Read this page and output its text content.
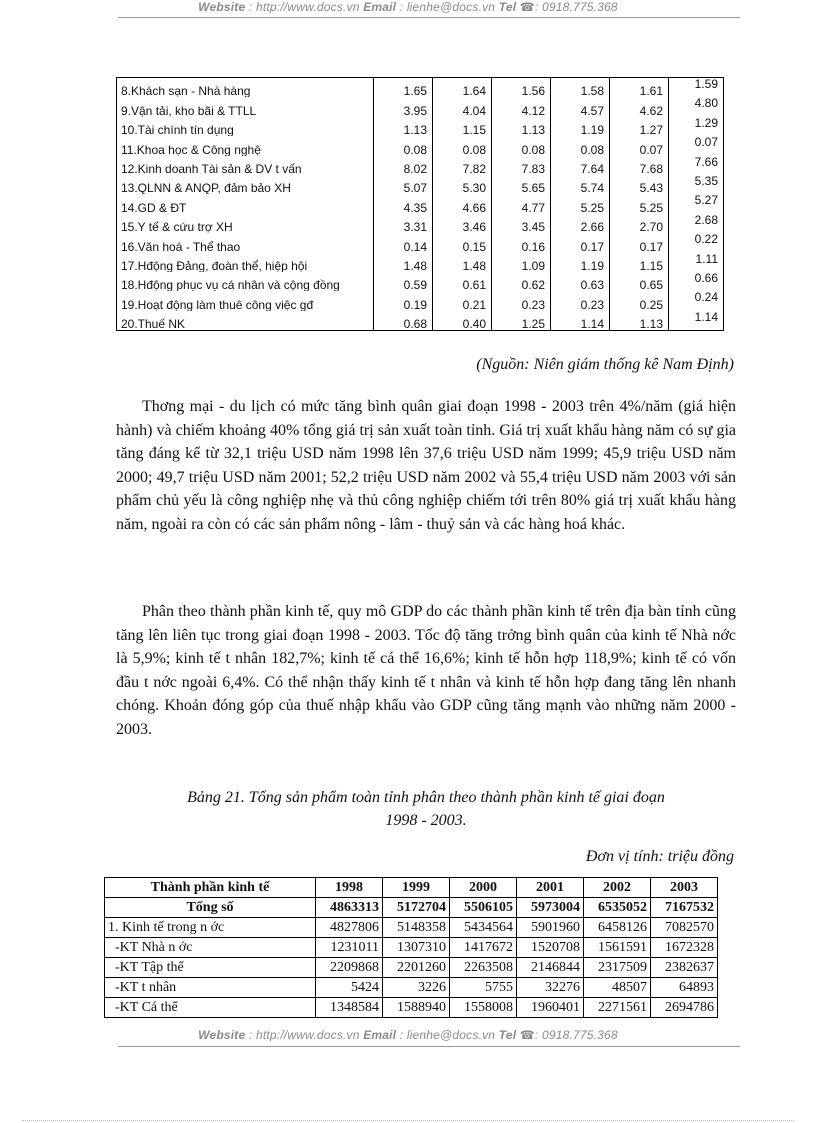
Website : http://www.docs.vn Email : lienhe@docs.vn Tel ☎: 0918.775.368
8.Khách sạn - Nhà hàng	1.65	1.64	1.56	1.58	1.61	1.59
9.Vận tải, kho bãi & TTLL	3.95	4.04	4.12	4.57	4.62	4.80
10.Tài chính tín dụng	1.13	1.15	1.13	1.19	1.27	1.29
11.Khoa học & Công nghệ	0.08	0.08	0.08	0.08	0.07	0.07
12.Kinh doanh Tài sản & DV t vấn	8.02	7.82	7.83	7.64	7.68	7.66
13.QLNN & ANQP, đảm bảo XH	5.07	5.30	5.65	5.74	5.43	5.35
14.GD & ĐT	4.35	4.66	4.77	5.25	5.25	5.27
15.Y tế & cứu trợ XH	3.31	3.46	3.45	2.66	2.70	2.68
16.Văn hoá - Thể thao	0.14	0.15	0.16	0.17	0.17	0.22
17.Hđộng Đảng, đoàn thể, hiệp hội	1.48	1.48	1.09	1.19	1.15	1.11
18.Hđộng phục vụ cá nhân và cộng đồng	0.59	0.61	0.62	0.63	0.65	0.66
19.Hoạt động làm thuê công việc gđ	0.19	0.21	0.23	0.23	0.25	0.24
20.Thuế NK	0.68	0.40	1.25	1.14	1.13	1.14
(Nguồn: Niên giám thống kê Nam Định)

Thơng mại - du lịch có mức tăng bình quân giai đoạn 1998 - 2003 trên 4%/năm (giá hiện hành) và chiếm khoảng 40% tổng giá trị sản xuất toàn tỉnh. Giá trị xuất khẩu hàng năm có sự gia tăng đáng kể từ 32,1 triệu USD năm 1998 lên 37,6 triệu USD năm 1999; 45,9 triệu USD năm 2000; 49,7 triệu USD năm 2001; 52,2 triệu USD năm 2002 và 55,4 triệu USD năm 2003 với sản phẩm chủ yếu là công nghiệp nhẹ và thủ công nghiệp chiếm tới trên 80% giá trị xuất khẩu hàng năm, ngoài ra còn có các sản phẩm nông - lâm - thuỷ sản và các hàng hoá khác.

Phân theo thành phần kinh tế, quy mô GDP do các thành phần kinh tế trên địa bàn tỉnh cũng tăng lên liên tục trong giai đoạn 1998 - 2003. Tốc độ tăng trởng bình quân của kinh tế Nhà nớc là 5,9%; kinh tế t nhân 182,7%; kinh tế cá thể 16,6%; kinh tế hỗn hợp 118,9%; kinh tế có vốn đầu t nớc ngoài 6,4%. Có thể nhận thấy kinh tế t nhân và kinh tế hỗn hợp đang tăng lên nhanh chóng. Khoản đóng góp của thuế nhập khẩu vào GDP cũng tăng mạnh vào những năm 2000 - 2003.

Bảng 21. Tổng sản phẩm toàn tỉnh phân theo thành phần kinh tế giai đoạn
1998 - 2003.
Đơn vị tính: triệu đồng
Thành phần kinh tế	1998	1999	2000	2001	2002	2003
Tổng số	4863313	5172704	5506105	5973004	6535052	7167532
1. Kinh tế trong n ớc	4827806	5148358	5434564	5901960	6458126	7082570
-KT Nhà n ớc	1231011	1307310	1417672	1520708	1561591	1672328
-KT Tập thể	2209868	2201260	2263508	2146844	2317509	2382637
-KT t nhân	5424	3226	5755	32276	48507	64893
-KT Cá thể	1348584	1588940	1558008	1960401	2271561	2694786
Website : http://www.docs.vn Email : lienhe@docs.vn Tel ☎: 0918.775.368
